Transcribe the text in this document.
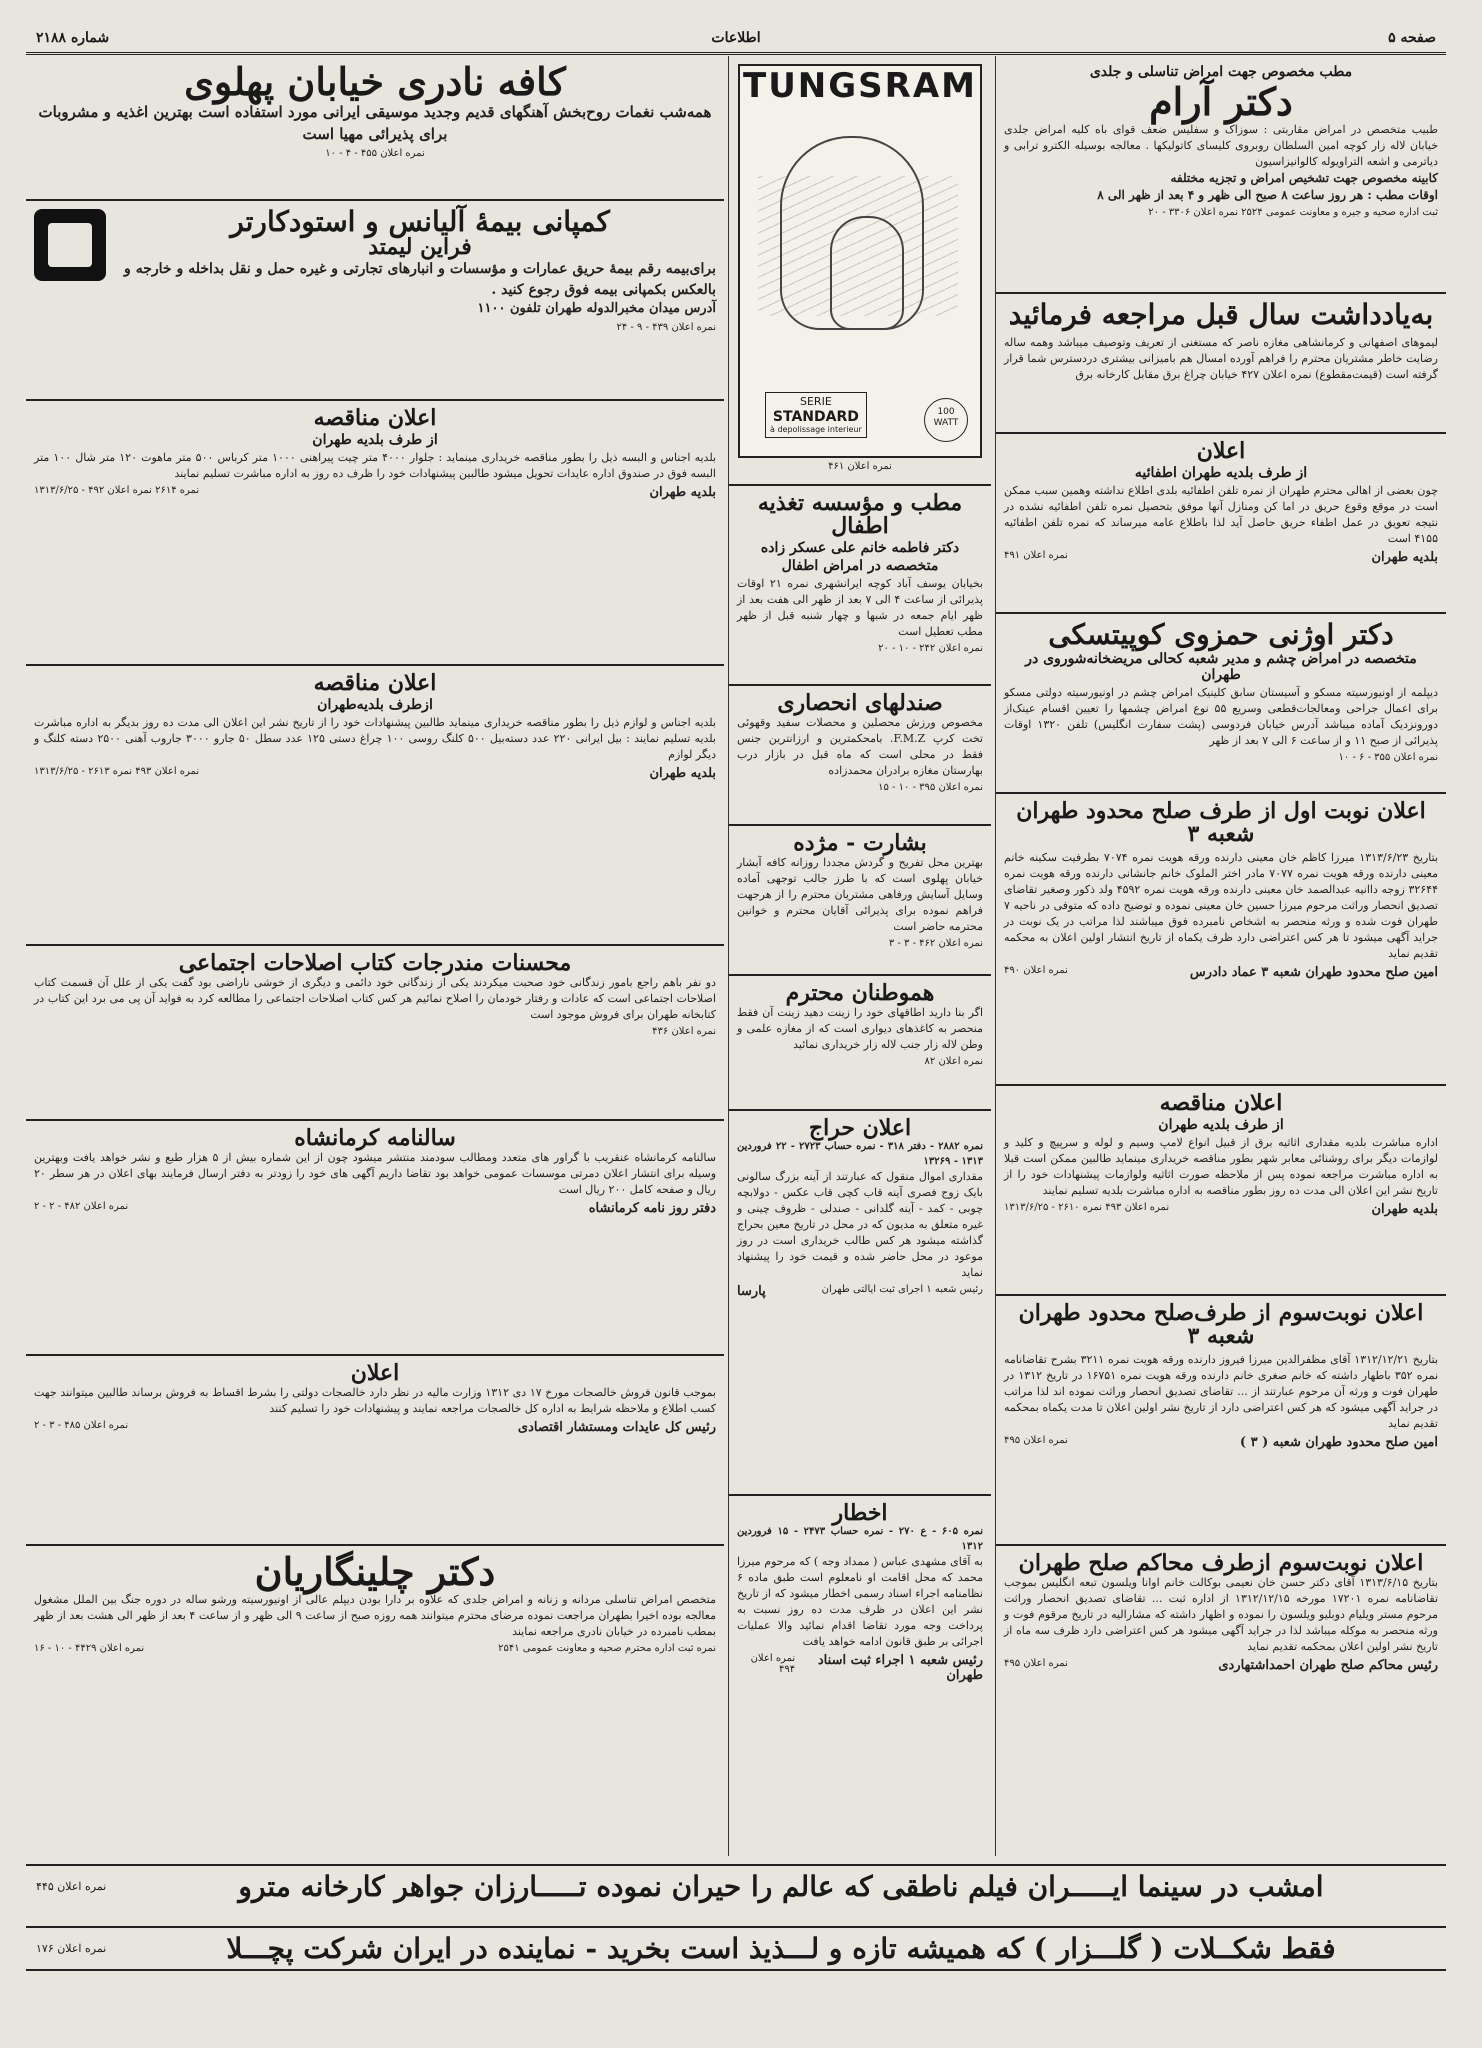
صفحه ۵
اطلاعات
شماره ۲۱۸۸
مطب مخصوص جهت امراض تناسلی و جلدی
دکتر آرام
طبیب متخصص در امراض مقاربتی : سوزاک و سفلیس ضعف قوای باه کلیه امراض جلدی خیابان لاله زار کوچه امین السلطان روبروی کلیسای کاتولیکها . معالجه بوسیله الکترو ترابی و دیاترمی و اشعه التراویوله کالوانیزاسیون
کابینه مخصوص جهت تشخیص امراض و تجزیه مختلفه
اوقات مطب : هر روز ساعت ۸ صبح الی ظهر و ۴ بعد از ظهر الی ۸
ثبت اداره صحیه و جیره و معاونت عمومی ۲۵۲۴ نمره اعلان ۳۳۰۶ - ۲۰
به‌یادداشت سال قبل مراجعه فرمائید
لیموهای اصفهانی و کرمانشاهی مغازه ناصر که مستغنی از تعریف وتوصیف میباشد وهمه ساله رضایت خاطر مشتریان محترم را فراهم آورده امسال هم بامیزانی بیشتری دردسترس شما قرار گرفته است (قیمت‌مقطوع) نمره اعلان ۴۲۷ خیابان چراغ برق مقابل کارخانه برق
اعلان
از طرف بلدیه طهران اطفائیه
چون بعضی از اهالی محترم طهران از نمره تلفن اطفائیه بلدی اطلاع نداشته وهمین سبب ممکن است در موقع وقوع حریق در اما کن ومنازل آنها موفق بتحصیل نمره تلفن اطفائیه نشده در نتیجه تعویق در عمل اطفاء حریق حاصل آید لذا باطلاع عامه میرساند که نمره تلفن اطفائیه ۴۱۵۵ است
بلدیه طهران
نمره اعلان ۴۹۱
دکتر اوژنی حمزوی کوپیتسکی
متخصصه در امراض چشم و مدیر شعبه کحالی مریضخانه‌شوروی در طهران
دیپلمه از اونیورسیته مسکو و آسیستان سابق کلینیک امراض چشم در اونیورسیته دولتی مسکو برای اعمال جراحی ومعالجات‌قطعی وسریع ۵۵ نوع امراض چشمها را تعیین اقسام عینک‌از دورونزدیک آماده میباشد آدرس خیابان فردوسی (پشت سفارت انگلیس) تلفن ۱۳۲۰ اوقات پذیرائی از صبح ۱۱ و از ساعت ۶ الی ۷ بعد از ظهر
نمره اعلان ۳۵۵ - ۶ - ۱۰
اعلان نوبت اول از طرف صلح محدود طهران شعبه ۳
بتاریخ ۱۳۱۳/۶/۲۳ میرزا کاظم خان معینی دارنده ورقه هویت نمره ۷۰۷۴ بطرفیت سکینه خانم معینی دارنده ورقه هویت نمره ۷۰۷۷ مادر اختر الملوک خانم جانشانی دارنده ورقه هویت نمره ۳۲۶۴۴ زوجه داانیه عبدالصمد خان معینی دارنده ورقه هویت نمره ۴۵۹۲ ولد ذکور وصغیر تقاضای تصدیق انحصار وراثت مرحوم میرزا حسین خان معینی نموده و توضیح داده که متوفی در ناحیه ۷ طهران فوت شده و ورثه منحصر به اشخاص نامبرده فوق میباشند لذا مراتب در یک نوبت در جراید آگهی میشود تا هر کس اعتراضی دارد ظرف یکماه از تاریخ انتشار اولین اعلان به محکمه تقدیم نماید
امین صلح محدود طهران شعبه ۳ عماد دادرس
نمره اعلان ۴۹۰
اعلان مناقصه
از طرف بلدیه طهران
اداره مباشرت بلدیه مقداری اثاثیه برق از قبیل انواع لامپ وسیم و لوله و سرپیچ و کلید و لوازمات دیگر برای روشنائی معابر شهر بطور مناقصه خریداری مینماید طالبین ممکن است قبلا به اداره مباشرت مراجعه نموده پس از ملاحظه صورت اثاثیه ولوازمات پیشنهادات خود را از تاریخ نشر این اعلان الی مدت ده روز بطور مناقصه به اداره مباشرت بلدیه تسلیم نمایند
بلدیه طهران
نمره اعلان ۴۹۳ نمره ۲۶۱۰ - ۱۳۱۳/۶/۲۵
اعلان نوبت‌سوم از طرف‌صلح محدود طهران شعبه ۳
بتاریخ ۱۳۱۲/۱۲/۲۱ آقای مظفرالدین میرزا فیروز دارنده ورقه هویت نمره ۳۲۱۱ بشرح تقاضانامه نمره ۳۵۲ باطهار داشته که خانم صغری خانم دارنده ورقه هویت نمره ۱۶۷۵۱ در تاریخ ۱۳۱۲ در طهران فوت و ورثه آن مرحوم عبارتند از ... تقاضای تصدیق انحصار وراثت نموده اند لذا مراتب در جراید آگهی میشود که هر کس اعتراضی دارد از تاریخ نشر اولین اعلان تا مدت یکماه بمحکمه تقدیم نماید
امین صلح محدود طهران شعبه ( ۳ )
نمره اعلان ۴۹۵
اعلان نوبت‌سوم ازطرف محاکم صلح طهران
بتاریخ ۱۳۱۳/۶/۱۵ آقای دکتر حسن خان نعیمی بوکالت خانم اوانا ویلسون تبعه انگلیس بموجب تقاضانامه نمره ۱۷۲۰۱ مورخه ۱۳۱۲/۱۲/۱۵ از اداره ثبت ... تقاضای تصدیق انحصار وراثت مرحوم مستر ویلیام دوبلیو ویلسون را نموده و اظهار داشته که مشارالیه در تاریخ مرقوم فوت و ورثه منحصر به موکله میباشد لذا در جراید آگهی میشود هر کس اعتراضی دارد ظرف سه ماه از تاریخ نشر اولین اعلان بمحکمه تقدیم نماید
رئیس محاکم صلح طهران احمداشتهاردی
نمره اعلان ۴۹۵
TUNGSRAM
SERIE
STANDARD
à depolissage interieur
100 WATT
نمره اعلان ۴۶۱
مطب و مؤسسه تغذیه اطفال
دکتر فاطمه خانم علی عسکر زاده
متخصصه در امراض اطفال
بخیابان یوسف آباد کوچه ایرانشهری نمره ۲۱ اوقات پذیرائی از ساعت ۴ الی ۷ بعد از ظهر الی هفت بعد از ظهر ایام جمعه در شبها و چهار شنبه قبل از ظهر مطب تعطیل است
نمره اعلان ۲۴۲ - ۱۰ - ۲۰
صندلهای انحصاری
مخصوص ورزش محصلین و محصلات سفید وقهوئی تخت کرپ F.M.Z. بامحکمترین و ارزانترین جنس فقط در محلی است که ماه قبل در بازار درب بهارستان مغازه برادران محمدزاده
نمره اعلان ۳۹۵ - ۱۰ - ۱۵
بشارت - مژده
بهترین محل تفریح و گردش مجددا روزانه کافه آبشار خیابان پهلوی است که با طرز جالب توجهی آماده وسایل آسایش ورفاهی مشتریان محترم را از هرجهت فراهم نموده برای پذیرائی آقایان محترم و خوانین محترمه حاضر است
نمره اعلان ۴۶۲ - ۳ - ۳
هموطنان محترم
اگر بنا دارید اطاقهای خود را زینت دهید زینت آن فقط منحصر به کاغذهای دیواری است که از مغازه علمی و وطن لاله زار جنب لاله زار خریداری نمائید
نمره اعلان ۸۲
اعلان حراج
نمره ۲۸۸۲ - دفتر ۳۱۸ - نمره حساب ۲۷۲۳ - ۲۲ فروردین ۱۳۱۳ - ۱۳۲۶۹
مقداری اموال منقول که عبارتند از آینه بزرگ سالونی بایک زوج فصری آینه قاب کچی قاب عکس - دولابچه چوبی - کمد - آینه گلدانی - صندلی - ظروف چینی و غیره متعلق به مدیون که در محل در تاریخ معین بحراج گذاشته میشود هر کس طالب خریداری است در روز موعود در محل حاضر شده و قیمت خود را پیشنهاد نماید
رئیس شعبه ۱ اجرای ثبت ایالتی طهران
پارسا
اخطار
نمره ۶۰۵ - ع ۲۷۰ - نمره حساب ۲۴۷۳ - ۱۵ فروردین ۱۳۱۲
به آقای مشهدی عباس ( ممداد وجه ) که مرحوم میرزا محمد که محل اقامت او نامعلوم است طبق ماده ۶ نظامنامه اجراء اسناد رسمی اخطار میشود که از تاریخ نشر این اعلان در ظرف مدت ده روز نسبت به پرداخت وجه مورد تقاضا اقدام نمائید والا عملیات اجرائی بر طبق قانون ادامه خواهد یافت
رئیس شعبه ۱ اجراء ثبت اسناد طهران
نمره اعلان ۴۹۴
کافه نادری خیابان پهلوی
همه‌شب نغمات روح‌بخش آهنگهای قدیم وجدید موسیقی ایرانی مورد استفاده است بهترین اغذیه و مشروبات برای پذیرائی مهیا است
نمره اعلان ۴۵۵ - ۴ - ۱۰
کمپانی بیمهٔ آلیانس و استودکارتر
فراین لیمتد
برای‌بیمه رقم بیمهٔ حریق عمارات و مؤسسات و انبارهای تجارتی و غیره حمل و نقل بداخله و خارجه و بالعکس بکمپانی بیمه فوق رجوع کنید .
آدرس میدان مخبرالدوله طهران تلفون ۱۱۰۰
نمره اعلان ۴۳۹ - ۹ - ۲۴
اعلان مناقصه
از طرف بلدیه طهران
بلدیه اجناس و البسه ذیل را بطور مناقصه خریداری مینماید : جلوار ۴۰۰۰ متر چیت پیراهنی ۱۰۰۰ متر کرباس ۵۰۰ متر ماهوت ۱۲۰ متر شال ۱۰۰ متر البسه فوق در صندوق اداره عایدات تحویل میشود طالبین پیشنهادات خود را ظرف ده روز به اداره مباشرت تسلیم نمایند
بلدیه طهران
نمره ۲۶۱۴ نمره اعلان ۴۹۲ - ۱۳۱۳/۶/۲۵
اعلان مناقصه
ازطرف بلدیه‌طهران
بلدیه اجناس و لوازم ذیل را بطور مناقصه خریداری مینماید طالبین پیشنهادات خود را از تاریخ نشر این اعلان الی مدت ده روز بدیگر به اداره مباشرت بلدیه تسلیم نمایند : بیل ایرانی ۲۲۰ عدد دسته‌بیل ۵۰۰ کلنگ روسی ۱۰۰ چراغ دستی ۱۲۵ عدد سطل ۵۰ جارو ۳۰۰۰ جاروب آهنی ۲۵۰۰ دسته کلنگ و دیگر لوازم
بلدیه طهران
نمره اعلان ۴۹۳ نمره ۲۶۱۳ - ۱۳۱۳/۶/۲۵
محسنات مندرجات کتاب اصلاحات اجتماعی
دو نفر باهم راجع بامور زندگانی خود صحبت میکردند یکی از زندگانی خود دائمی و دیگری از خوشی ناراضی بود گفت یکی از علل آن قسمت کتاب اصلاحات اجتماعی است که عادات و رفتار خودمان را اصلاح نمائیم هر کس کتاب اصلاحات اجتماعی را مطالعه کرد به فواید آن پی می برد این کتاب در کتابخانه طهران برای فروش موجود است
نمره اعلان ۴۳۶
سالنامه کرمانشاه
سالنامه کرمانشاه عنقریب با گراور های متعدد ومطالب سودمند منتشر میشود چون از این شماره بیش از ۵ هزار طبع و نشر خواهد یافت وبهترین وسیله برای انتشار اعلان دمرتی موسسات عمومی خواهد بود تقاضا داریم آگهی های خود را زودتر به دفتر ارسال فرمایند بهای اعلان در هر سطر ۲۰ ریال و صفحه کامل ۲۰۰ ریال است
دفتر روز نامه کرمانشاه
نمره اعلان ۴۸۲ - ۲ - ۲
اعلان
بموجب قانون فروش خالصجات مورخ ۱۷ دی ۱۳۱۲ وزارت مالیه در نظر دارد خالصجات دولتی را بشرط اقساط به فروش برساند طالبین میتوانند جهت کسب اطلاع و ملاحظه شرایط به اداره کل خالصجات مراجعه نمایند و پیشنهادات خود را تسلیم کنند
رئیس کل عایدات ومستشار اقتصادی
نمره اعلان ۴۸۵ - ۳ - ۲
دکتر چلینگاریان
متخصص امراض تناسلی مردانه و زنانه و امراض جلدی که علاوه بر دارا بودن دیپلم عالی از اونیورسیته ورشو ساله در دوره جنگ بین الملل مشغول معالجه بوده اخیرا بطهران مراجعت نموده مرضای محترم میتوانند همه روزه صبح از ساعت ۹ الی ظهر و از ساعت ۴ بعد از ظهر الی هشت بعد از ظهر بمطب نامبرده در خیابان نادری مراجعه نمایند
نمره ثبت اداره محترم صحیه و معاونت عمومی ۲۵۴۱
نمره اعلان ۴۴۲۹ - ۱۰ - ۱۶
امشب در سینما ایـــــران فیلم ناطقی که عالم را حیران نموده تـــــارزان جواهر کارخانه مترو
نمره اعلان ۴۴۵
فقط شکــلات ( گلـــزار ) که همیشه تازه و لـــذیذ است بخرید - نماینده در ایران شرکت پچـــلا
نمره اعلان ۱۷۶
